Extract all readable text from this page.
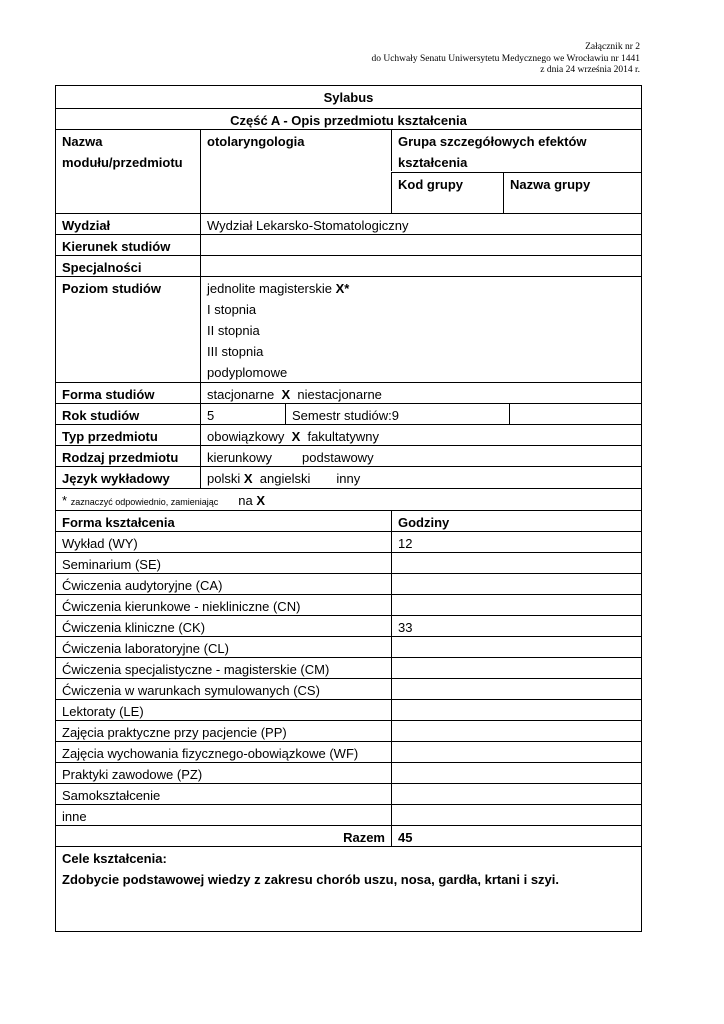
Załącznik nr 2
do Uchwały Senatu Uniwersytetu Medycznego we Wrocławiu nr 1441
z dnia 24 września 2014 r.
Sylabus
Część A - Opis przedmiotu kształcenia
Nazwa modułu/przedmiotu
otolaryngologia	Grupa szczegółowych efektów kształcenia
Kod grupy	Nazwa grupy
Wydział	Wydział Lekarsko-Stomatologiczny
Kierunek studiów
Specjalności
Poziom studiów	jednolite magisterskie X*
I stopnia
II stopnia
III stopnia
podyplomowe
Forma studiów	stacjonarne X niestacjonarne
Rok studiów	5	Semestr studiów:9
Typ przedmiotu	obowiązkowy X fakultatywny
Rodzaj przedmiotu	kierunkowy podstawowy
Język wykładowy	polski X angielski inny
* zaznaczyć odpowiednio, zamieniając na X
Forma kształcenia	Godziny
Wykład (WY)	12
Seminarium (SE)
Ćwiczenia audytoryjne (CA)
Ćwiczenia kierunkowe - niekliniczne (CN)
Ćwiczenia kliniczne (CK)	33
Ćwiczenia laboratoryjne (CL)
Ćwiczenia specjalistyczne - magisterskie (CM)
Ćwiczenia w warunkach symulowanych (CS)
Lektoraty (LE)
Zajęcia praktyczne przy pacjencie (PP)
Zajęcia wychowania fizycznego-obowiązkowe (WF)
Praktyki zawodowe (PZ)
Samokształcenie
inne
Razem	45
Cele kształcenia:
Zdobycie podstawowej wiedzy z zakresu chorób uszu, nosa, gardła, krtani i szyi.
